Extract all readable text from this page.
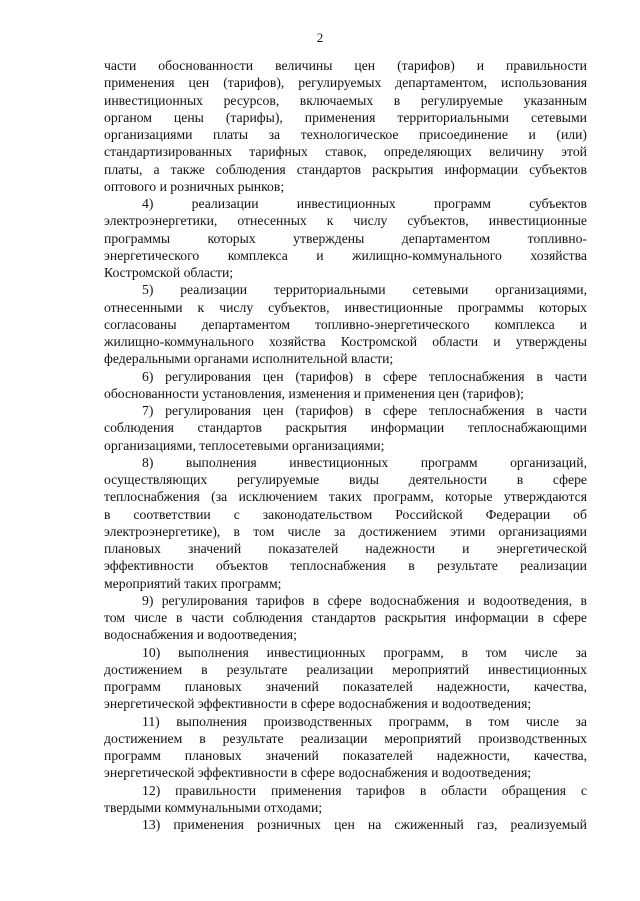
2
части обоснованности величины цен (тарифов) и правильности
применения цен (тарифов), регулируемых департаментом, использования
инвестиционных ресурсов, включаемых в регулируемые указанным
органом цены (тарифы), применения территориальными сетевыми
организациями платы за технологическое присоединение и (или)
стандартизированных тарифных ставок, определяющих величину этой
платы, а также соблюдения стандартов раскрытия информации субъектов
оптового и розничных рынков;
4) реализации инвестиционных программ субъектов
электроэнергетики, отнесенных к числу субъектов, инвестиционные
программы которых утверждены департаментом топливно-
энергетического комплекса и жилищно-коммунального хозяйства
Костромской области;
5) реализации территориальными сетевыми организациями,
отнесенными к числу субъектов, инвестиционные программы которых
согласованы департаментом топливно-энергетического комплекса и
жилищно-коммунального хозяйства Костромской области и утверждены
федеральными органами исполнительной власти;
6) регулирования цен (тарифов) в сфере теплоснабжения в части
обоснованности установления, изменения и применения цен (тарифов);
7) регулирования цен (тарифов) в сфере теплоснабжения в части
соблюдения стандартов раскрытия информации теплоснабжающими
организациями, теплосетевыми организациями;
8) выполнения инвестиционных программ организаций,
осуществляющих регулируемые виды деятельности в сфере
теплоснабжения (за исключением таких программ, которые утверждаются
в соответствии с законодательством Российской Федерации об
электроэнергетике), в том числе за достижением этими организациями
плановых значений показателей надежности и энергетической
эффективности объектов теплоснабжения в результате реализации
мероприятий таких программ;
9) регулирования тарифов в сфере водоснабжения и водоотведения, в
том числе в части соблюдения стандартов раскрытия информации в сфере
водоснабжения и водоотведения;
10) выполнения инвестиционных программ, в том числе за
достижением в результате реализации мероприятий инвестиционных
программ плановых значений показателей надежности, качества,
энергетической эффективности в сфере водоснабжения и водоотведения;
11) выполнения производственных программ, в том числе за
достижением в результате реализации мероприятий производственных
программ плановых значений показателей надежности, качества,
энергетической эффективности в сфере водоснабжения и водоотведения;
12) правильности применения тарифов в области обращения с
твердыми коммунальными отходами;
13) применения розничных цен на сжиженный газ, реализуемый
